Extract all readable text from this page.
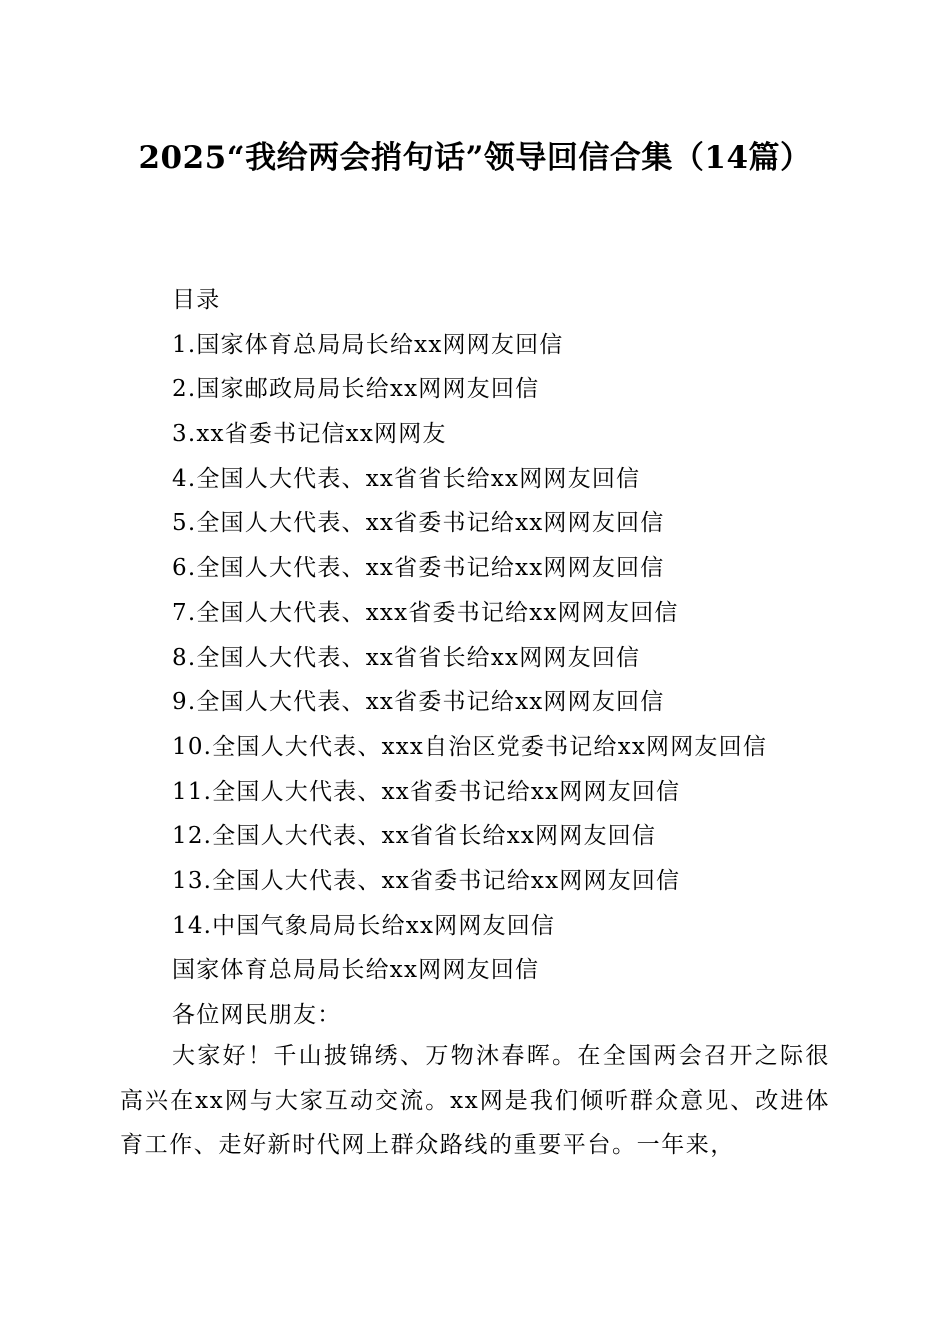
2025“我给两会捎句话”领导回信合集（14篇）
目录
1.国家体育总局局长给xx网网友回信
2.国家邮政局局长给xx网网友回信
3.xx省委书记信xx网网友
4.全国人大代表、xx省省长给xx网网友回信
5.全国人大代表、xx省委书记给xx网网友回信
6.全国人大代表、xx省委书记给xx网网友回信
7.全国人大代表、xxx省委书记给xx网网友回信
8.全国人大代表、xx省省长给xx网网友回信
9.全国人大代表、xx省委书记给xx网网友回信
10.全国人大代表、xxx自治区党委书记给xx网网友回信
11.全国人大代表、xx省委书记给xx网网友回信
12.全国人大代表、xx省省长给xx网网友回信
13.全国人大代表、xx省委书记给xx网网友回信
14.中国气象局局长给xx网网友回信
国家体育总局局长给xx网网友回信
各位网民朋友：
大家好！千山披锦绣、万物沐春晖。在全国两会召开之际很高兴在xx网与大家互动交流。xx网是我们倾听群众意见、改进体育工作、走好新时代网上群众路线的重要平台。一年来，
